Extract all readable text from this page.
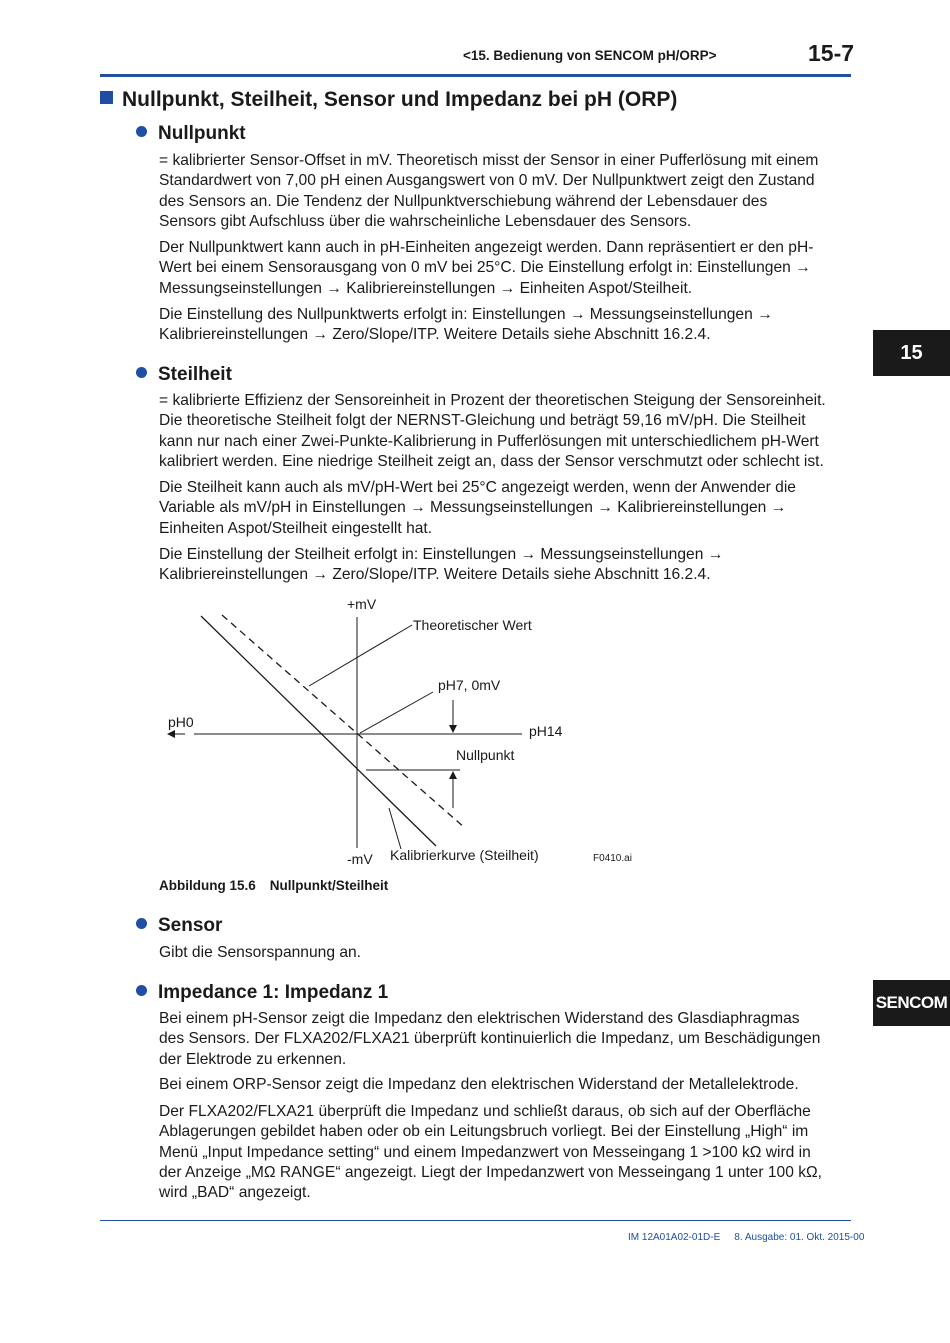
<15. Bedienung von SENCOM pH/ORP>	15-7
Nullpunkt, Steilheit, Sensor und Impedanz bei pH (ORP)
15
SENCOM
Nullpunkt
= kalibrierter Sensor-Offset in mV. Theoretisch misst der Sensor in einer Pufferlösung mit einem
Standardwert von 7,00 pH einen Ausgangswert von 0 mV. Der Nullpunktwert zeigt den Zustand
des Sensors an. Die Tendenz der Nullpunktverschiebung während der Lebensdauer des
Sensors gibt Aufschluss über die wahrscheinliche Lebensdauer des Sensors.
Der Nullpunktwert kann auch in pH-Einheiten angezeigt werden. Dann repräsentiert er den pH-
Wert bei einem Sensorausgang von 0 mV bei 25°C. Die Einstellung erfolgt in: Einstellungen →
Messungseinstellungen → Kalibriereinstellungen → Einheiten Aspot/Steilheit.
Die Einstellung des Nullpunktwerts erfolgt in: Einstellungen → Messungseinstellungen →
Kalibriereinstellungen → Zero/Slope/ITP. Weitere Details siehe Abschnitt 16.2.4.
Steilheit
= kalibrierte Effizienz der Sensoreinheit in Prozent der theoretischen Steigung der Sensoreinheit.
Die theoretische Steilheit folgt der NERNST-Gleichung und beträgt 59,16 mV/pH. Die Steilheit
kann nur nach einer Zwei-Punkte-Kalibrierung in Pufferlösungen mit unterschiedlichem pH-Wert
kalibriert werden. Eine niedrige Steilheit zeigt an, dass der Sensor verschmutzt oder schlecht ist.
Die Steilheit kann auch als mV/pH-Wert bei 25°C angezeigt werden, wenn der Anwender die
Variable als mV/pH in Einstellungen → Messungseinstellungen → Kalibriereinstellungen →
Einheiten Aspot/Steilheit eingestellt hat.
Die Einstellung der Steilheit erfolgt in: Einstellungen → Messungseinstellungen →
Kalibriereinstellungen → Zero/Slope/ITP. Weitere Details siehe Abschnitt 16.2.4.
+mV
Theoretischer Wert
pH7, 0mV
pH0
pH14
Nullpunkt
-mV Kalibrierkurve (Steilheit)	F0410.ai
Abbildung 15.6 Nullpunkt/Steilheit
Sensor
Gibt die Sensorspannung an.
Impedance 1: Impedanz 1
Bei einem pH-Sensor zeigt die Impedanz den elektrischen Widerstand des Glasdiaphragmas
des Sensors. Der FLXA202/FLXA21 überprüft kontinuierlich die Impedanz, um Beschädigungen
der Elektrode zu erkennen.
Bei einem ORP-Sensor zeigt die Impedanz den elektrischen Widerstand der Metallelektrode.
Der FLXA202/FLXA21 überprüft die Impedanz und schließt daraus, ob sich auf der Oberfläche
Ablagerungen gebildet haben oder ob ein Leitungsbruch vorliegt. Bei der Einstellung „High“ im
Menü „Input Impedance setting“ und einem Impedanzwert von Messeingang 1 >100 kΩ wird in
der Anzeige „MΩ RANGE“ angezeigt. Liegt der Impedanzwert von Messeingang 1 unter 100 kΩ,
wird „BAD“ angezeigt.
IM 12A01A02-01D-E 8. Ausgabe: 01. Okt. 2015-00
